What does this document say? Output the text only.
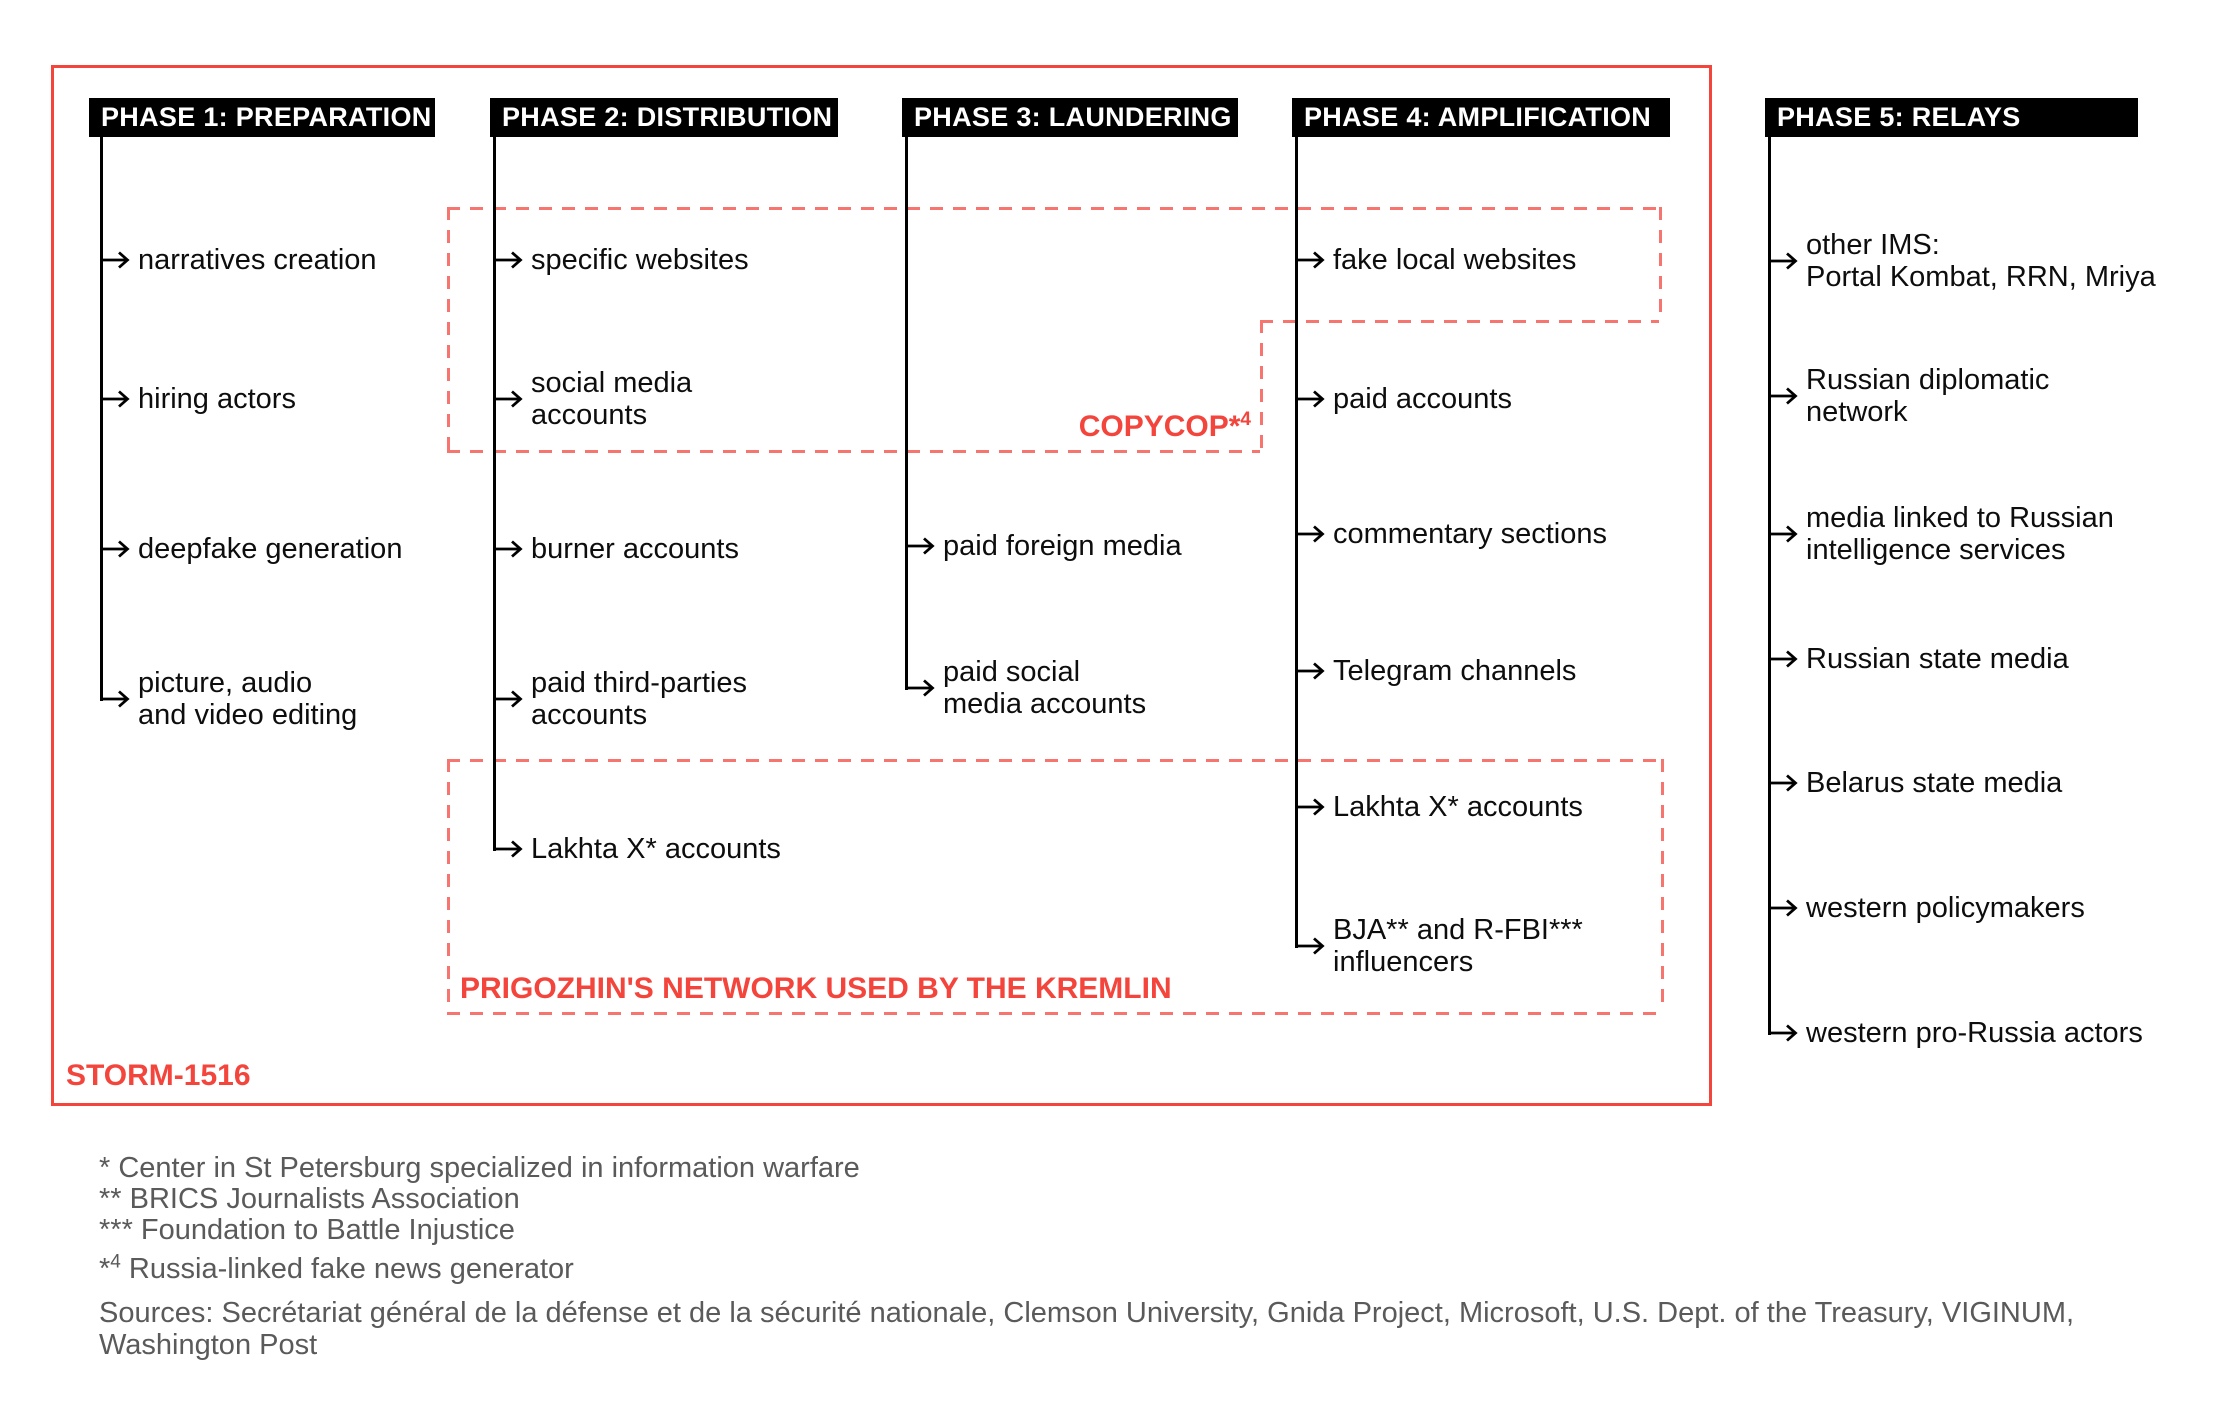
PHASE 1: PREPARATION
narratives creation
hiring actors
deepfake generation
picture, audio
and video editing
PHASE 2: DISTRIBUTION
specific websites
social media
accounts
burner accounts
paid third-parties
accounts
Lakhta X* accounts
PHASE 3: LAUNDERING
paid foreign media
paid social
media accounts
PHASE 4: AMPLIFICATION
fake local websites
paid accounts
commentary sections
Telegram channels
Lakhta X* accounts
BJA** and R-FBI***
influencers
PHASE 5: RELAYS
other IMS:
Portal Kombat, RRN, Mriya
Russian diplomatic
network
media linked to Russian
intelligence services
Russian state media
Belarus state media
western policymakers
western pro-Russia actors
STORM-1516
COPYCOP*$^4$
PRIGOZHIN'S NETWORK USED BY THE KREMLIN
* Center in St Petersburg specialized in information warfare
** BRICS Journalists Association
*** Foundation to Battle Injustice
*$^4$ Russia-linked fake news generator
Sources: Secrétariat général de la défense et de la sécurité nationale, Clemson University, Gnida Project, Microsoft, U.S. Dept. of the Treasury, VIGINUM,
Washington Post
